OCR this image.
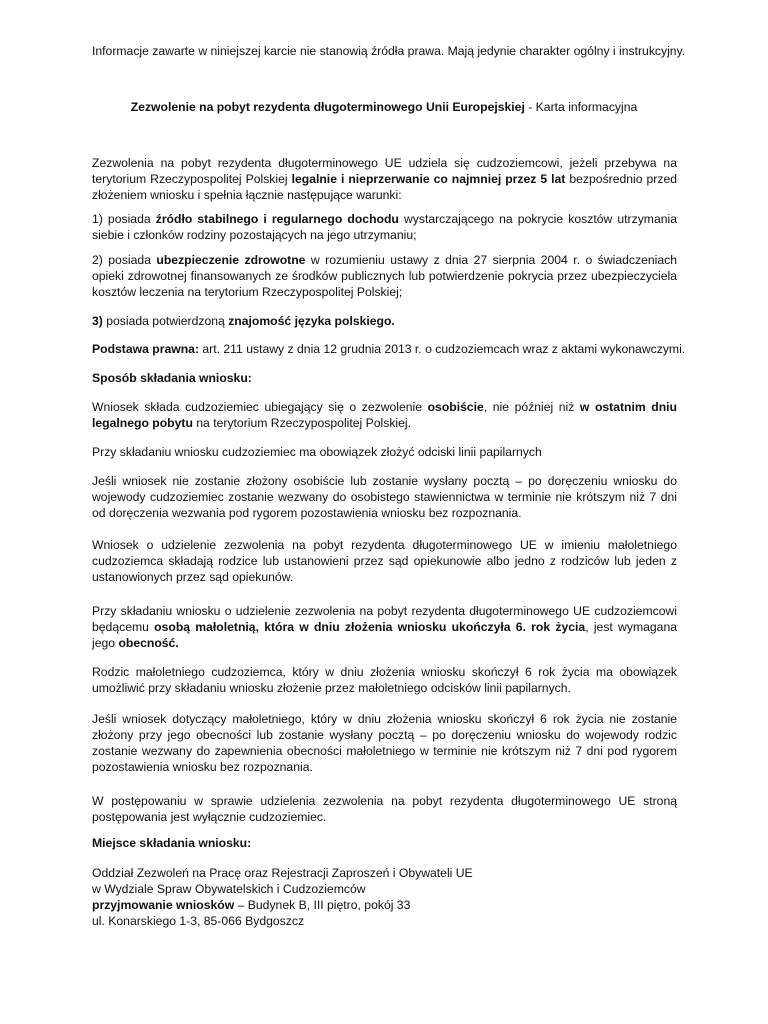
Informacje zawarte w niniejszej karcie nie stanowią źródła prawa. Mają jedynie charakter ogólny i instrukcyjny.

Zezwolenie na pobyt rezydenta długoterminowego Unii Europejskiej - Karta informacyjna

Zezwolenia na pobyt rezydenta długoterminowego UE udziela się cudzoziemcowi, jeżeli przebywa na terytorium Rzeczypospolitej Polskiej legalnie i nieprzerwanie co najmniej przez 5 lat bezpośrednio przed złożeniem wniosku i spełnia łącznie następujące warunki:

1) posiada źródło stabilnego i regularnego dochodu wystarczającego na pokrycie kosztów utrzymania siebie i członków rodziny pozostających na jego utrzymaniu;

2) posiada ubezpieczenie zdrowotne w rozumieniu ustawy z dnia 27 sierpnia 2004 r. o świadczeniach opieki zdrowotnej finansowanych ze środków publicznych lub potwierdzenie pokrycia przez ubezpieczyciela kosztów leczenia na terytorium Rzeczypospolitej Polskiej;

3) posiada potwierdzoną znajomość języka polskiego.

Podstawa prawna: art. 211 ustawy z dnia 12 grudnia 2013 r. o cudzoziemcach wraz z aktami wykonawczymi.

Sposób składania wniosku:

Wniosek składa cudzoziemiec ubiegający się o zezwolenie osobiście, nie później niż w ostatnim dniu legalnego pobytu na terytorium Rzeczypospolitej Polskiej.

Przy składaniu wniosku cudzoziemiec ma obowiązek złożyć odciski linii papilarnych

Jeśli wniosek nie zostanie złożony osobiście lub zostanie wysłany pocztą – po doręczeniu wniosku do wojewody cudzoziemiec zostanie wezwany do osobistego stawiennictwa w terminie nie krótszym niż 7 dni od doręczenia wezwania pod rygorem pozostawienia wniosku bez rozpoznania.

Wniosek o udzielenie zezwolenia na pobyt rezydenta długoterminowego UE w imieniu małoletniego cudzoziemca składają rodzice lub ustanowieni przez sąd opiekunowie albo jedno z rodziców lub jeden z ustanowionych przez sąd opiekunów.

Przy składaniu wniosku o udzielenie zezwolenia na pobyt rezydenta długoterminowego UE cudzoziemcowi będącemu osobą małoletnią, która w dniu złożenia wniosku ukończyła 6. rok życia, jest wymagana jego obecność.

Rodzic małoletniego cudzoziemca, który w dniu złożenia wniosku skończył 6 rok życia ma obowiązek umożliwić przy składaniu wniosku złożenie przez małoletniego odcisków linii papilarnych.

Jeśli wniosek dotyczący małoletniego, który w dniu złożenia wniosku skończył 6 rok życia nie zostanie złożony przy jego obecności lub zostanie wysłany pocztą – po doręczeniu wniosku do wojewody rodzic zostanie wezwany do zapewnienia obecności małoletniego w terminie nie krótszym niż 7 dni pod rygorem pozostawienia wniosku bez rozpoznania.

W postępowaniu w sprawie udzielenia zezwolenia na pobyt rezydenta długoterminowego UE stroną postępowania jest wyłącznie cudzoziemiec.

Miejsce składania wniosku:

Oddział Zezwoleń na Pracę oraz Rejestracji Zaproszeń i Obywateli UE

w Wydziale Spraw Obywatelskich i Cudzoziemców

przyjmowanie wniosków – Budynek B, III piętro, pokój 33

ul. Konarskiego 1-3, 85-066 Bydgoszcz
